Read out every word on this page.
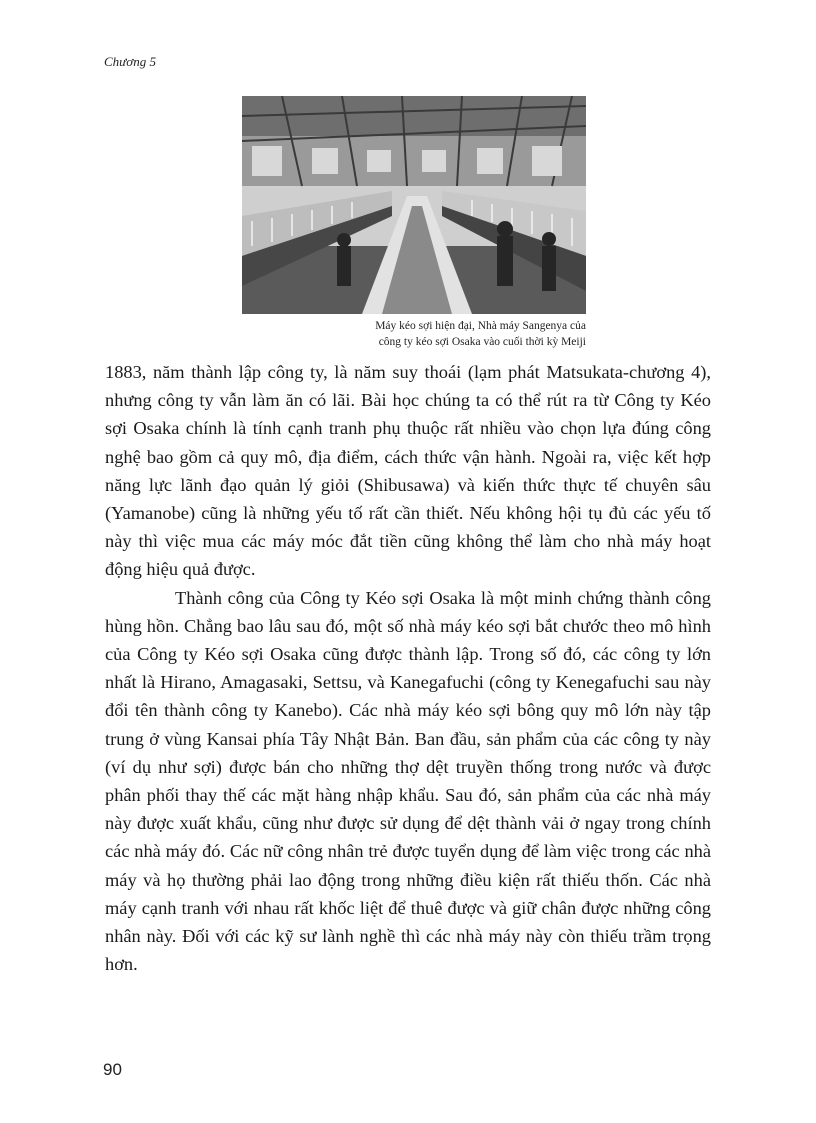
Chương 5
Máy kéo sợi hiện đại, Nhà máy Sangenya của
công ty kéo sợi Osaka vào cuối thời kỳ Meiji

1883, năm thành lập công ty, là năm suy thoái (lạm phát Matsukata-chương 4), nhưng công ty vẫn làm ăn có lãi. Bài học chúng ta có thể rút ra từ Công ty Kéo sợi Osaka chính là tính cạnh tranh phụ thuộc rất nhiều vào chọn lựa đúng công nghệ bao gồm cả quy mô, địa điểm, cách thức vận hành. Ngoài ra, việc kết hợp năng lực lãnh đạo quản lý giỏi (Shibusawa) và kiến thức thực tế chuyên sâu (Yamanobe) cũng là những yếu tố rất cần thiết. Nếu không hội tụ đủ các yếu tố này thì việc mua các máy móc đắt tiền cũng không thể làm cho nhà máy hoạt động hiệu quả được.

Thành công của Công ty Kéo sợi Osaka là một minh chứng thành công hùng hồn. Chẳng bao lâu sau đó, một số nhà máy kéo sợi bắt chước theo mô hình của Công ty Kéo sợi Osaka cũng được thành lập. Trong số đó, các công ty lớn nhất là Hirano, Amagasaki, Settsu, và Kanegafuchi (công ty Kenegafuchi sau này đổi tên thành công ty Kanebo). Các nhà máy kéo sợi bông quy mô lớn này tập trung ở vùng Kansai phía Tây Nhật Bản. Ban đầu, sản phẩm của các công ty này (ví dụ như sợi) được bán cho những thợ dệt truyền thống trong nước và được phân phối thay thế các mặt hàng nhập khẩu. Sau đó, sản phẩm của các nhà máy này được xuất khẩu, cũng như được sử dụng để dệt thành vải ở ngay trong chính các nhà máy đó. Các nữ công nhân trẻ được tuyển dụng để làm việc trong các nhà máy và họ thường phải lao động trong những điều kiện rất thiếu thốn. Các nhà máy cạnh tranh với nhau rất khốc liệt để thuê được và giữ chân được những công nhân này. Đối với các kỹ sư lành nghề thì các nhà máy này còn thiếu trầm trọng hơn.

90
